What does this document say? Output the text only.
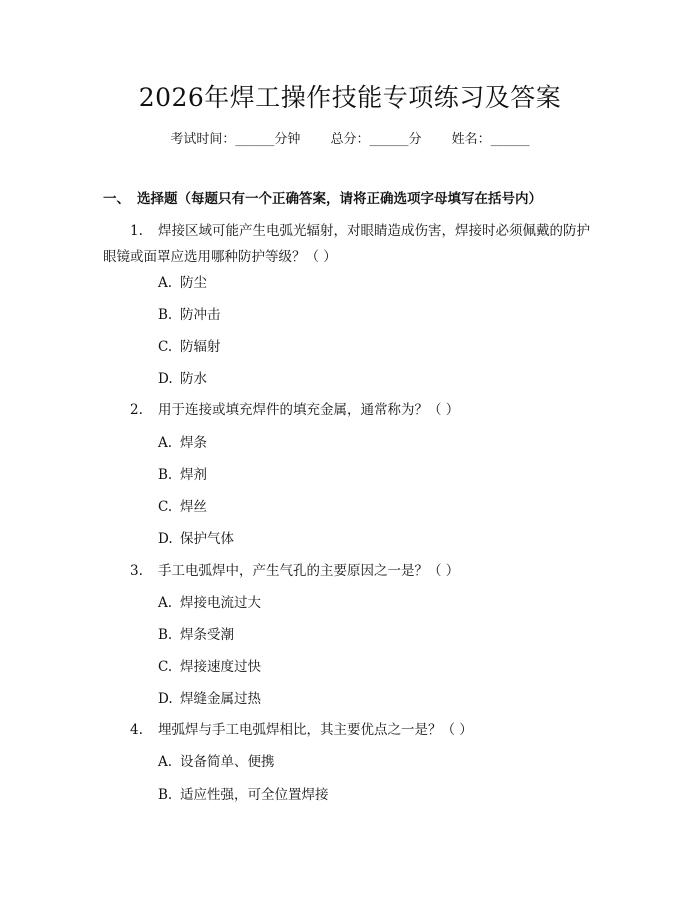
2026年焊工操作技能专项练习及答案
考试时间：______分钟 总分：______分 姓名：______
一、 选择题（每题只有一个正确答案，请将正确选项字母填写在括号内）
1. 焊接区域可能产生电弧光辐射，对眼睛造成伤害，焊接时必须佩戴的防护
眼镜或面罩应选用哪种防护等级？（ ）
A. 防尘
B. 防冲击
C. 防辐射
D. 防水
2. 用于连接或填充焊件的填充金属，通常称为？（ ）
A. 焊条
B. 焊剂
C. 焊丝
D. 保护气体
3. 手工电弧焊中，产生气孔的主要原因之一是？（ ）
A. 焊接电流过大
B. 焊条受潮
C. 焊接速度过快
D. 焊缝金属过热
4. 埋弧焊与手工电弧焊相比，其主要优点之一是？（ ）
A. 设备简单、便携
B. 适应性强，可全位置焊接
